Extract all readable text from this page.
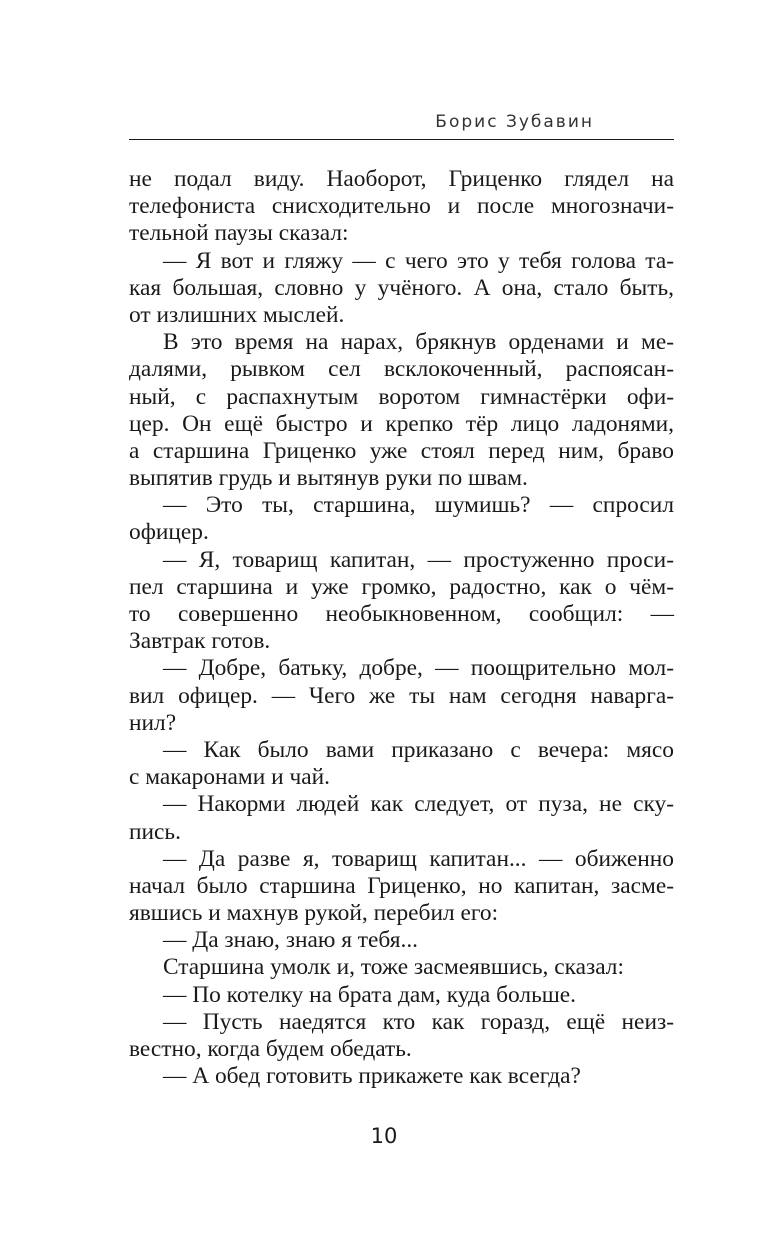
Борис Зубавин
не подал виду. Наоборот, Гриценко глядел на
телефониста снисходительно и после многозначи-
тельной паузы сказал:
— Я вот и гляжу — с чего это у тебя голова та-
кая большая, словно у учёного. А она, стало быть,
от излишних мыслей.
В это время на нарах, брякнув орденами и ме-
далями, рывком сел всклокоченный, распоясан-
ный, с распахнутым воротом гимнастёрки офи-
цер. Он ещё быстро и крепко тёр лицо ладонями,
а старшина Гриценко уже стоял перед ним, браво
выпятив грудь и вытянув руки по швам.
— Это ты, старшина, шумишь? — спросил
офицер.
— Я, товарищ капитан, — простуженно проси-
пел старшина и уже громко, радостно, как о чём-
то совершенно необыкновенном, сообщил: —
Завтрак готов.
— Добре, батьку, добре, — поощрительно мол-
вил офицер. — Чего же ты нам сегодня наварга-
нил?
— Как было вами приказано с вечера: мясо
с макаронами и чай.
— Накорми людей как следует, от пуза, не ску-
пись.
— Да разве я, товарищ капитан... — обиженно
начал было старшина Гриценко, но капитан, засме-
явшись и махнув рукой, перебил его:
— Да знаю, знаю я тебя...
Старшина умолк и, тоже засмеявшись, сказал:
— По котелку на брата дам, куда больше.
— Пусть наедятся кто как горазд, ещё неиз-
вестно, когда будем обедать.
— А обед готовить прикажете как всегда?
10
